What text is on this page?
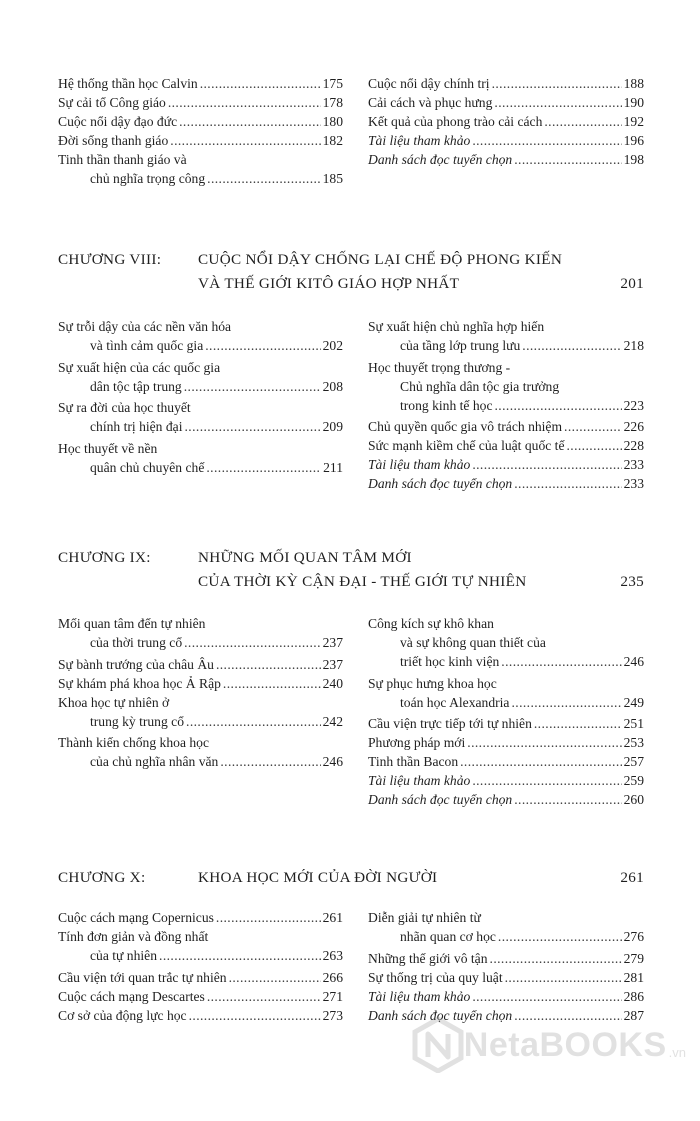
Hệ thống thần học Calvin .....	175
Sự cải tổ Công giáo .....	178
Cuộc nổi dậy đạo đức .....	180
Đời sống thanh giáo .....	182
Tinh thần thanh giáo và
chủ nghĩa trọng công .....	185
Cuộc nổi dậy chính trị .....	188
Cải cách và phục hưng .....	190
Kết quả của phong trào cải cách .....	192
Tài liệu tham khảo .....	196
Danh sách đọc tuyển chọn .....	198
CHƯƠNG VIII: CUỘC NỔI DẬY CHỐNG LẠI CHẾ ĐỘ PHONG KIẾN
VÀ THẾ GIỚI KITÔ GIÁO HỢP NHẤT	201
Sự trỗi dậy của các nền văn hóa
và tình cảm quốc gia .....	202
Sự xuất hiện của các quốc gia
dân tộc tập trung .....	208
Sự ra đời của học thuyết
chính trị hiện đại .....	209
Học thuyết về nền
quân chủ chuyên chế .....	211
Sự xuất hiện chủ nghĩa hợp hiến
của tầng lớp trung lưu .....	218
Học thuyết trọng thương -
Chủ nghĩa dân tộc gia trưởng
trong kinh tế học .....	223
Chủ quyền quốc gia vô trách nhiệm .....	226
Sức mạnh kiềm chế của luật quốc tế .....	228
Tài liệu tham khảo .....	233
Danh sách đọc tuyển chọn .....	233
CHƯƠNG IX:	NHỮNG MỐI QUAN TÂM MỚI
CỦA THỜI KỲ CẬN ĐẠI - THẾ GIỚI TỰ NHIÊN	235
Mối quan tâm đến tự nhiên
của thời trung cổ .....	237
Sự bành trướng của châu Âu .....	237
Sự khám phá khoa học Ả Rập .....	240
Khoa học tự nhiên ở
trung kỳ trung cổ .....	242
Thành kiến chống khoa học
của chủ nghĩa nhân văn .....	246
Công kích sự khô khan
và sự không quan thiết của
triết học kinh viện .....	246
Sự phục hưng khoa học
toán học Alexandria .....	249
Cầu viện trực tiếp tới tự nhiên .....	251
Phương pháp mới .....	253
Tinh thần Bacon .....	257
Tài liệu tham khảo .....	259
Danh sách đọc tuyển chọn .....	260
CHƯƠNG X:	KHOA HỌC MỚI CỦA ĐỜI NGƯỜI	261
Cuộc cách mạng Copernicus .....	261
Tính đơn giản và đồng nhất
của tự nhiên .....	263
Cầu viện tới quan trắc tự nhiên .....	266
Cuộc cách mạng Descartes .....	271
Cơ sở của động lực học .....	273
Diễn giải tự nhiên từ
nhãn quan cơ học .....	276
Những thế giới vô tận .....	279
Sự thống trị của quy luật .....	281
Tài liệu tham khảo .....	286
Danh sách đọc tuyển chọn .....	287
NetaBOOKS .vn
